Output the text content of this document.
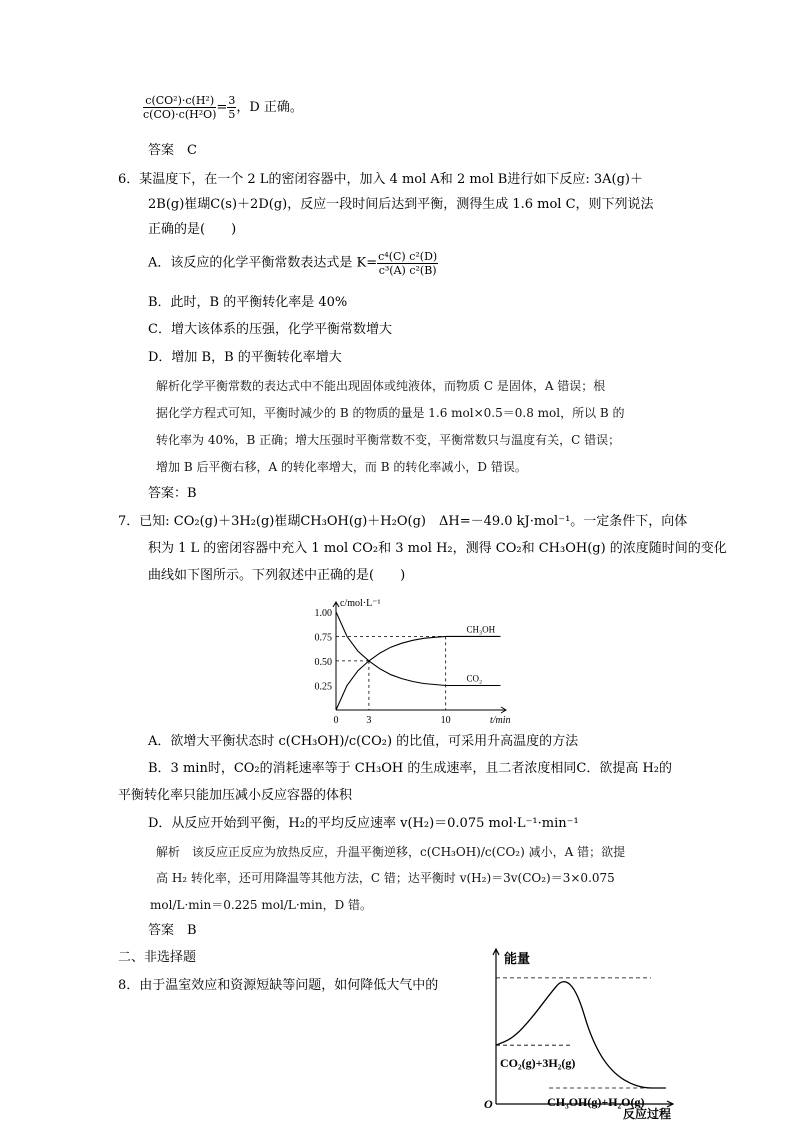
$\frac{\text{c(CO²)·c(H²)}}{\text{c(CO)·c(H²O)}} = \frac{3}{5}$ ，D 正确。
答案　C
6．某温度下，在一个 2 L的密闭容器中，加入 4 mol A和 2 mol B进行如下反应: 3A(g)＋
2B(g)崔瑚C(s)＋2D(g)，反应一段时间后达到平衡，测得生成 1.6 mol C，则下列说法
正确的是(　　)
A．该反应的化学平衡常数表达式是 $K= \frac{\text{c⁴(C) c²(D)}}{\text{c³(A) c²(B)}}$
B．此时，B 的平衡转化率是 40%
C．增大该体系的压强，化学平衡常数增大
D．增加 B，B 的平衡转化率增大
解析化学平衡常数的表达式中不能出现固体或纯液体，而物质 C 是固体，A 错误；根
据化学方程式可知，平衡时减少的 B 的物质的量是 1.6 mol×0.5＝0.8 mol，所以 B 的
转化率为 40%，B 正确；增大压强时平衡常数不变，平衡常数只与温度有关，C 错误；
增加 B 后平衡右移，A 的转化率增大，而 B 的转化率减小，D 错误。
答案：B
7．已知: CO₂(g)＋3H₂(g)崔瑚CH₃OH(g)＋H₂O(g)　ΔH=－49.0 kJ·mol⁻¹。一定条件下，向体
积为 1 L 的密闭容器中充入 1 mol CO₂和 3 mol H₂，测得 CO₂和 CH₃OH(g) 的浓度随时间的变化
曲线如下图所示。下列叙述中正确的是(　　)
0.25
0.50
0.75
1.00
0	3	10
c/mol·L⁻¹
t/min
CH₃OH
CO₂
A．欲增大平衡状态时 c(CH₃OH)/c(CO₂) 的比值，可采用升高温度的方法
B．3 min时，CO₂的消耗速率等于 CH₃OH 的生成速率，且二者浓度相同C．欲提高 H₂的
平衡转化率只能加压减小反应容器的体积
D．从反应开始到平衡，H₂的平均反应速率 v(H₂)＝0.075 mol·L⁻¹·min⁻¹
解析　该反应正反应为放热反应，升温平衡逆移，c(CH₃OH)/c(CO₂) 减小，A 错；欲提
高 H₂ 转化率，还可用降温等其他方法，C 错；达平衡时 v(H₂)＝3v(CO₂)＝3×0.075
mol/L·min＝0.225 mol/L·min，D 错。
答案　B
二、非选择题
8．由于温室效应和资源短缺等问题，如何降低大气中的
能量
CO₂(g)+3H₂(g)
CH₃OH(g)+H₂O(g)
O
反应过程
